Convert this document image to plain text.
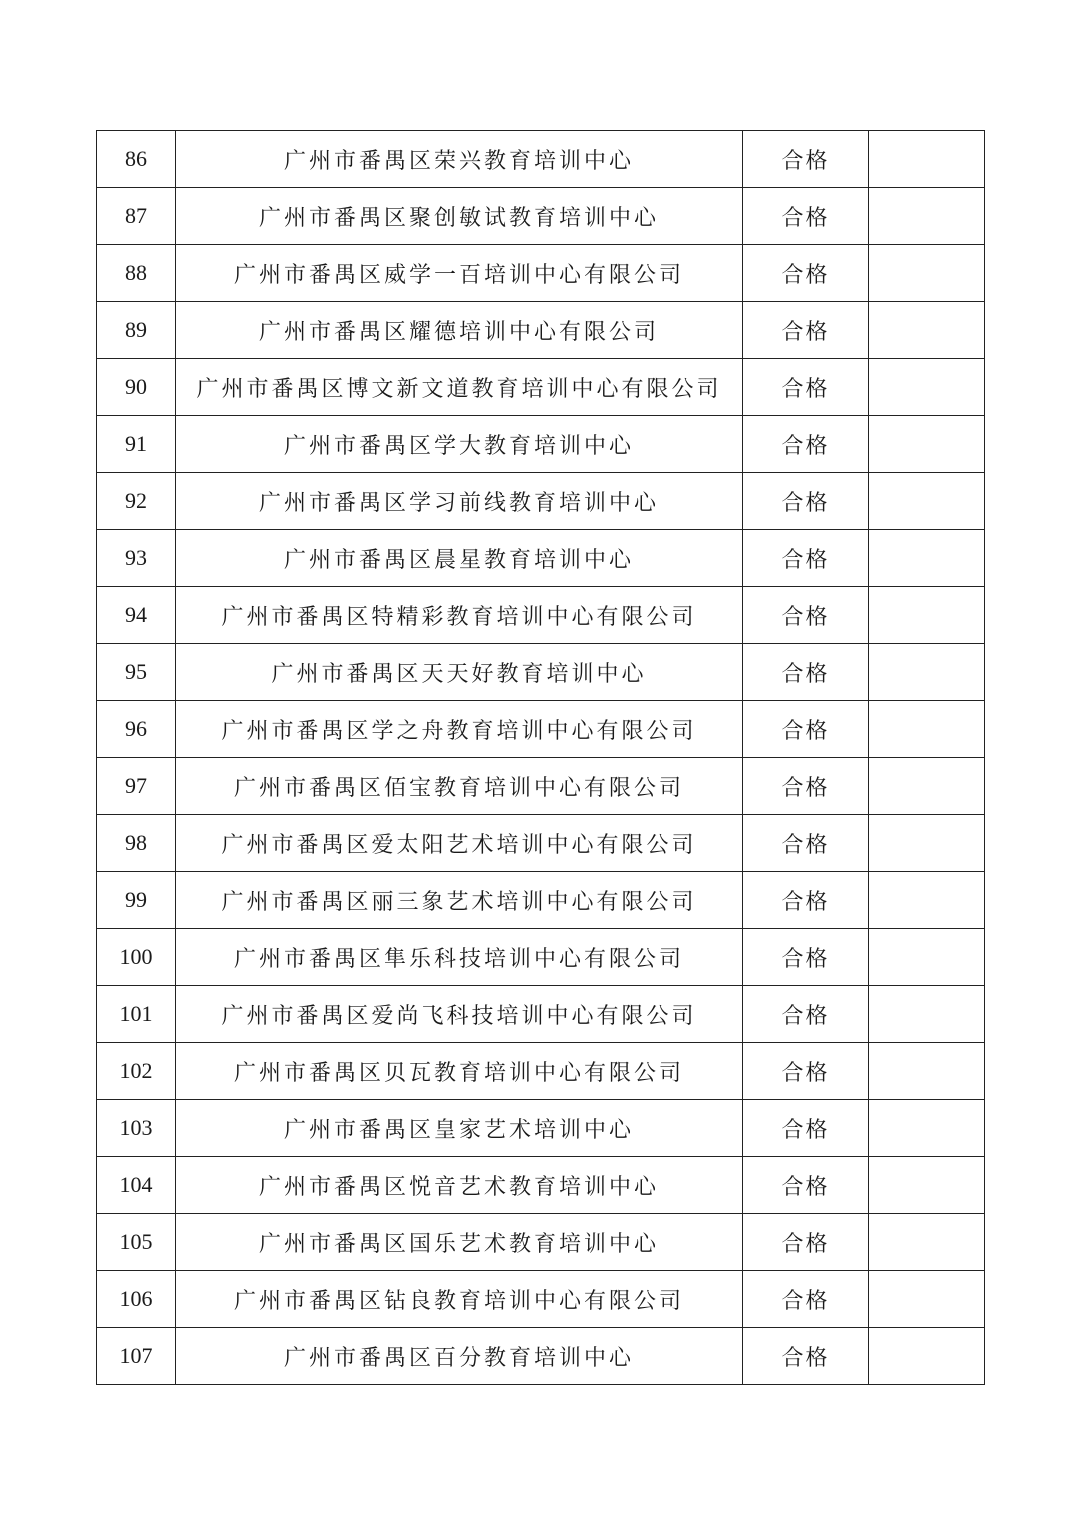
86	广州市番禺区荣兴教育培训中心	合格	
87	广州市番禺区聚创敏试教育培训中心	合格	
88	广州市番禺区威学一百培训中心有限公司	合格	
89	广州市番禺区耀德培训中心有限公司	合格	
90	广州市番禺区博文新文道教育培训中心有限公司	合格	
91	广州市番禺区学大教育培训中心	合格	
92	广州市番禺区学习前线教育培训中心	合格	
93	广州市番禺区晨星教育培训中心	合格	
94	广州市番禺区特精彩教育培训中心有限公司	合格	
95	广州市番禺区天天好教育培训中心	合格	
96	广州市番禺区学之舟教育培训中心有限公司	合格	
97	广州市番禺区佰宝教育培训中心有限公司	合格	
98	广州市番禺区爱太阳艺术培训中心有限公司	合格	
99	广州市番禺区丽三象艺术培训中心有限公司	合格	
100	广州市番禺区隼乐科技培训中心有限公司	合格	
101	广州市番禺区爱尚飞科技培训中心有限公司	合格	
102	广州市番禺区贝瓦教育培训中心有限公司	合格	
103	广州市番禺区皇家艺术培训中心	合格	
104	广州市番禺区悦音艺术教育培训中心	合格	
105	广州市番禺区国乐艺术教育培训中心	合格	
106	广州市番禺区钻良教育培训中心有限公司	合格	
107	广州市番禺区百分教育培训中心	合格	
